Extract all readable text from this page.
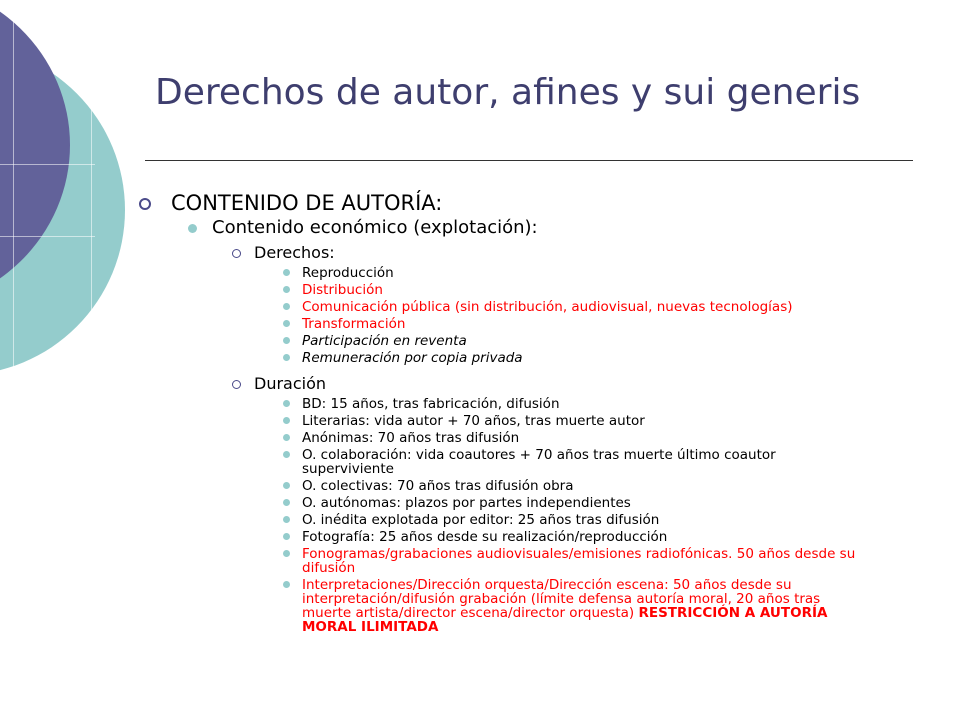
Derechos de autor, afines y sui generis
CONTENIDO DE AUTORÍA:
Contenido económico (explotación):
Derechos:
Reproducción
Distribución
Comunicación pública (sin distribución, audiovisual, nuevas tecnologías)
Transformación
Participación en reventa
Remuneración por copia privada
Duración
BD: 15 años, tras fabricación, difusión
Literarias: vida autor + 70 años, tras muerte autor
Anónimas: 70 años tras difusión
O. colaboración: vida coautores + 70 años tras muerte último coautor superviviente
O. colectivas: 70 años tras difusión obra
O. autónomas: plazos por partes independientes
O. inédita explotada por editor: 25 años tras difusión
Fotografía: 25 años desde su realización/reproducción
Fonogramas/grabaciones audiovisuales/emisiones radiofónicas. 50 años desde su difusión
Interpretaciones/Dirección orquesta/Dirección escena: 50 años desde su interpretación/difusión grabación (límite defensa autoría moral, 20 años tras muerte artista/director escena/director orquesta) RESTRICCIÓN A AUTORÍA MORAL ILIMITADA
